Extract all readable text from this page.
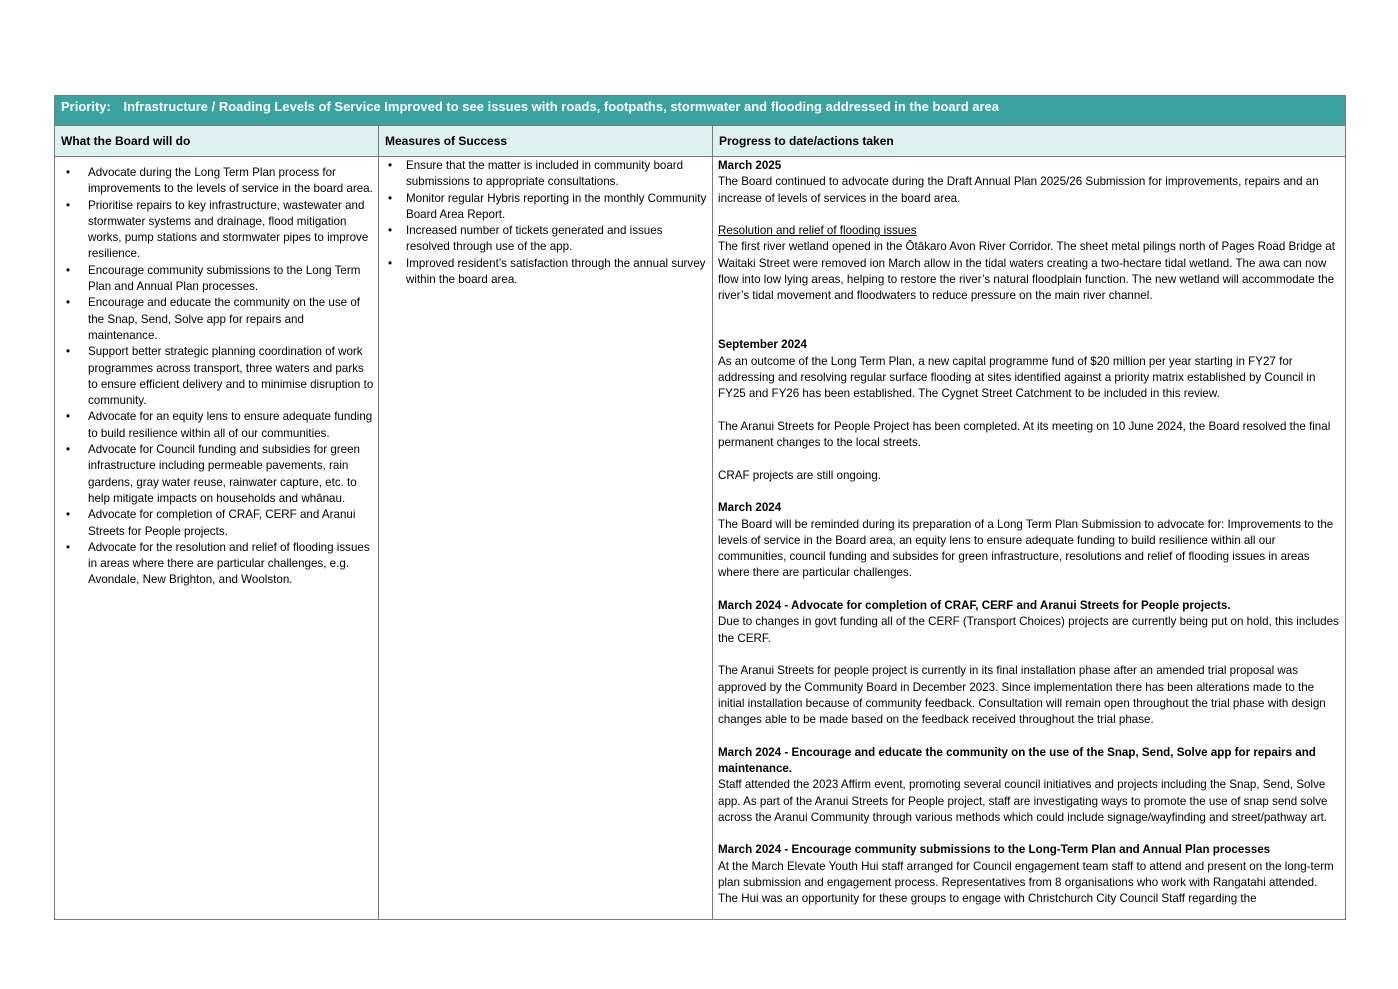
Priority: Infrastructure / Roading Levels of Service Improved to see issues with roads, footpaths, stormwater and flooding addressed in the board area
What the Board will do	Measures of Success	Progress to date/actions taken
• Advocate during the Long Term Plan process for improvements to the levels of service in the board area.
• Prioritise repairs to key infrastructure, wastewater and stormwater systems and drainage, flood mitigation works, pump stations and stormwater pipes to improve resilience.
• Encourage community submissions to the Long Term Plan and Annual Plan processes.
• Encourage and educate the community on the use of the Snap, Send, Solve app for repairs and maintenance.
• Support better strategic planning coordination of work programmes across transport, three waters and parks to ensure efficient delivery and to minimise disruption to community.
• Advocate for an equity lens to ensure adequate funding to build resilience within all of our communities.
• Advocate for Council funding and subsidies for green infrastructure including permeable pavements, rain gardens, gray water reuse, rainwater capture, etc. to help mitigate impacts on households and whānau.
• Advocate for completion of CRAF, CERF and Aranui Streets for People projects.
• Advocate for the resolution and relief of flooding issues in areas where there are particular challenges, e.g. Avondale, New Brighton, and Woolston.
• Ensure that the matter is included in community board submissions to appropriate consultations.
• Monitor regular Hybris reporting in the monthly Community Board Area Report.
• Increased number of tickets generated and issues resolved through use of the app.
• Improved resident’s satisfaction through the annual survey within the board area.

March 2025

The Board continued to advocate during the Draft Annual Plan 2025/26 Submission for improvements, repairs and an increase of levels of services in the board area.

Resolution and relief of flooding issues

The first river wetland opened in the Ōtākaro Avon River Corridor. The sheet metal pilings north of Pages Road Bridge at Waitaki Street were removed ion March allow in the tidal waters creating a two-hectare tidal wetland. The awa can now flow into low lying areas, helping to restore the river’s natural floodplain function. The new wetland will accommodate the river’s tidal movement and floodwaters to reduce pressure on the main river channel.

September 2024

As an outcome of the Long Term Plan, a new capital programme fund of $20 million per year starting in FY27 for addressing and resolving regular surface flooding at sites identified against a priority matrix established by Council in FY25 and FY26 has been established. The Cygnet Street Catchment to be included in this review.

The Aranui Streets for People Project has been completed. At its meeting on 10 June 2024, the Board resolved the final permanent changes to the local streets.

CRAF projects are still ongoing.

March 2024

The Board will be reminded during its preparation of a Long Term Plan Submission to advocate for: Improvements to the levels of service in the Board area, an equity lens to ensure adequate funding to build resilience within all our communities, council funding and subsides for green infrastructure, resolutions and relief of flooding issues in areas where there are particular challenges.

March 2024 - Advocate for completion of CRAF, CERF and Aranui Streets for People projects.

Due to changes in govt funding all of the CERF (Transport Choices) projects are currently being put on hold, this includes the CERF.

The Aranui Streets for people project is currently in its final installation phase after an amended trial proposal was approved by the Community Board in December 2023. Since implementation there has been alterations made to the initial installation because of community feedback. Consultation will remain open throughout the trial phase with design changes able to be made based on the feedback received throughout the trial phase.

March 2024 - Encourage and educate the community on the use of the Snap, Send, Solve app for repairs and maintenance.

Staff attended the 2023 Affirm event, promoting several council initiatives and projects including the Snap, Send, Solve app. As part of the Aranui Streets for People project, staff are investigating ways to promote the use of snap send solve across the Aranui Community through various methods which could include signage/wayfinding and street/pathway art.

March 2024 - Encourage community submissions to the Long-Term Plan and Annual Plan processes

At the March Elevate Youth Hui staff arranged for Council engagement team staff to attend and present on the long-term plan submission and engagement process. Representatives from 8 organisations who work with Rangatahi attended. The Hui was an opportunity for these groups to engage with Christchurch City Council Staff regarding the
